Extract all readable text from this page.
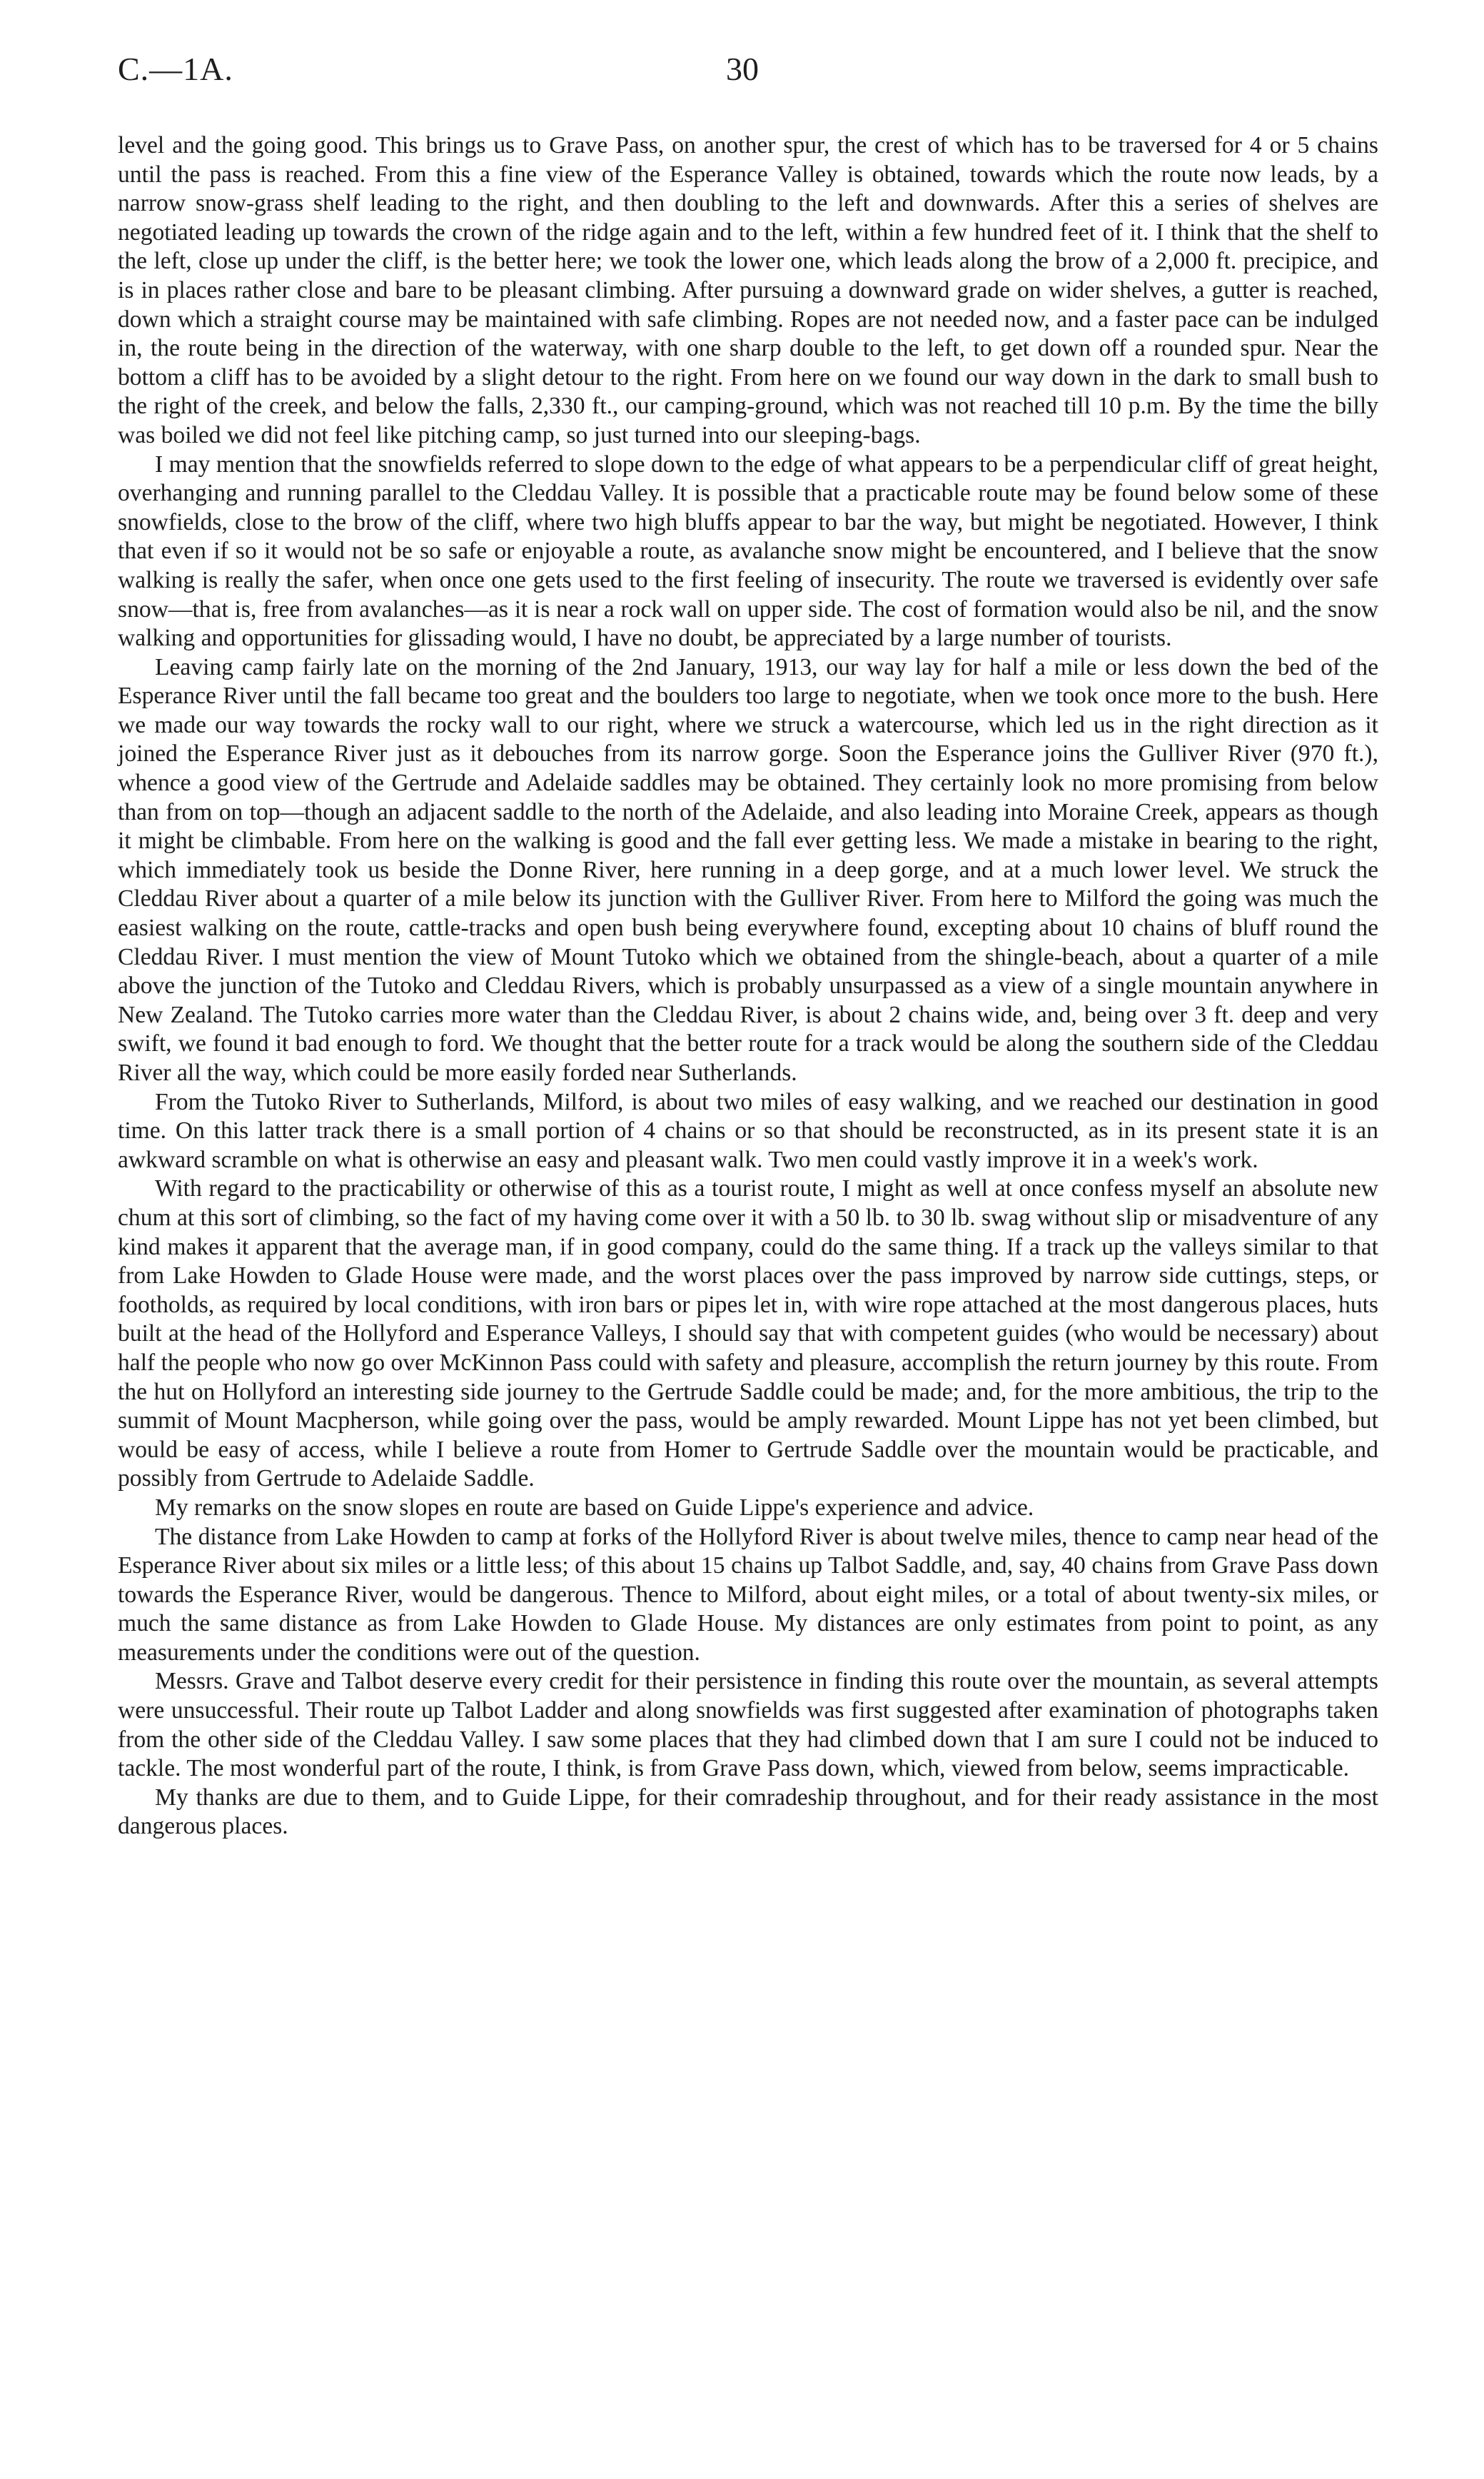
C.—1A.	30

level and the going good. This brings us to Grave Pass, on another spur, the crest of which has to be traversed for 4 or 5 chains until the pass is reached. From this a fine view of the Esperance Valley is obtained, towards which the route now leads, by a narrow snow-grass shelf leading to the right, and then doubling to the left and downwards. After this a series of shelves are negotiated leading up towards the crown of the ridge again and to the left, within a few hundred feet of it. I think that the shelf to the left, close up under the cliff, is the better here; we took the lower one, which leads along the brow of a 2,000 ft. precipice, and is in places rather close and bare to be pleasant climbing. After pursuing a downward grade on wider shelves, a gutter is reached, down which a straight course may be maintained with safe climbing. Ropes are not needed now, and a faster pace can be indulged in, the route being in the direction of the waterway, with one sharp double to the left, to get down off a rounded spur. Near the bottom a cliff has to be avoided by a slight detour to the right. From here on we found our way down in the dark to small bush to the right of the creek, and below the falls, 2,330 ft., our camping-ground, which was not reached till 10 p.m. By the time the billy was boiled we did not feel like pitching camp, so just turned into our sleeping-bags.

I may mention that the snowfields referred to slope down to the edge of what appears to be a perpendicular cliff of great height, overhanging and running parallel to the Cleddau Valley. It is possible that a practicable route may be found below some of these snowfields, close to the brow of the cliff, where two high bluffs appear to bar the way, but might be negotiated. However, I think that even if so it would not be so safe or enjoyable a route, as avalanche snow might be encountered, and I believe that the snow walking is really the safer, when once one gets used to the first feeling of insecurity. The route we traversed is evidently over safe snow—that is, free from avalanches—as it is near a rock wall on upper side. The cost of formation would also be nil, and the snow walking and opportunities for glissading would, I have no doubt, be appreciated by a large number of tourists.

Leaving camp fairly late on the morning of the 2nd January, 1913, our way lay for half a mile or less down the bed of the Esperance River until the fall became too great and the boulders too large to negotiate, when we took once more to the bush. Here we made our way towards the rocky wall to our right, where we struck a watercourse, which led us in the right direction as it joined the Esperance River just as it debouches from its narrow gorge. Soon the Esperance joins the Gulliver River (970 ft.), whence a good view of the Gertrude and Adelaide saddles may be obtained. They certainly look no more promising from below than from on top—though an adjacent saddle to the north of the Adelaide, and also leading into Moraine Creek, appears as though it might be climbable. From here on the walking is good and the fall ever getting less. We made a mistake in bearing to the right, which immediately took us beside the Donne River, here running in a deep gorge, and at a much lower level. We struck the Cleddau River about a quarter of a mile below its junction with the Gulliver River. From here to Milford the going was much the easiest walking on the route, cattle-tracks and open bush being everywhere found, excepting about 10 chains of bluff round the Cleddau River. I must mention the view of Mount Tutoko which we obtained from the shingle-beach, about a quarter of a mile above the junction of the Tutoko and Cleddau Rivers, which is probably unsurpassed as a view of a single mountain anywhere in New Zealand. The Tutoko carries more water than the Cleddau River, is about 2 chains wide, and, being over 3 ft. deep and very swift, we found it bad enough to ford. We thought that the better route for a track would be along the southern side of the Cleddau River all the way, which could be more easily forded near Sutherlands.

From the Tutoko River to Sutherlands, Milford, is about two miles of easy walking, and we reached our destination in good time. On this latter track there is a small portion of 4 chains or so that should be reconstructed, as in its present state it is an awkward scramble on what is otherwise an easy and pleasant walk. Two men could vastly improve it in a week's work.

With regard to the practicability or otherwise of this as a tourist route, I might as well at once confess myself an absolute new chum at this sort of climbing, so the fact of my having come over it with a 50 lb. to 30 lb. swag without slip or misadventure of any kind makes it apparent that the average man, if in good company, could do the same thing. If a track up the valleys similar to that from Lake Howden to Glade House were made, and the worst places over the pass improved by narrow side cuttings, steps, or footholds, as required by local conditions, with iron bars or pipes let in, with wire rope attached at the most dangerous places, huts built at the head of the Hollyford and Esperance Valleys, I should say that with competent guides (who would be necessary) about half the people who now go over McKinnon Pass could with safety and pleasure, accomplish the return journey by this route. From the hut on Hollyford an interesting side journey to the Gertrude Saddle could be made; and, for the more ambitious, the trip to the summit of Mount Macpherson, while going over the pass, would be amply rewarded. Mount Lippe has not yet been climbed, but would be easy of access, while I believe a route from Homer to Gertrude Saddle over the mountain would be practicable, and possibly from Gertrude to Adelaide Saddle.

My remarks on the snow slopes en route are based on Guide Lippe's experience and advice.

The distance from Lake Howden to camp at forks of the Hollyford River is about twelve miles, thence to camp near head of the Esperance River about six miles or a little less; of this about 15 chains up Talbot Saddle, and, say, 40 chains from Grave Pass down towards the Esperance River, would be dangerous. Thence to Milford, about eight miles, or a total of about twenty-six miles, or much the same distance as from Lake Howden to Glade House. My distances are only estimates from point to point, as any measurements under the conditions were out of the question.

Messrs. Grave and Talbot deserve every credit for their persistence in finding this route over the mountain, as several attempts were unsuccessful. Their route up Talbot Ladder and along snowfields was first suggested after examination of photographs taken from the other side of the Cleddau Valley. I saw some places that they had climbed down that I am sure I could not be induced to tackle. The most wonderful part of the route, I think, is from Grave Pass down, which, viewed from below, seems impracticable.

My thanks are due to them, and to Guide Lippe, for their comradeship throughout, and for their ready assistance in the most dangerous places.
